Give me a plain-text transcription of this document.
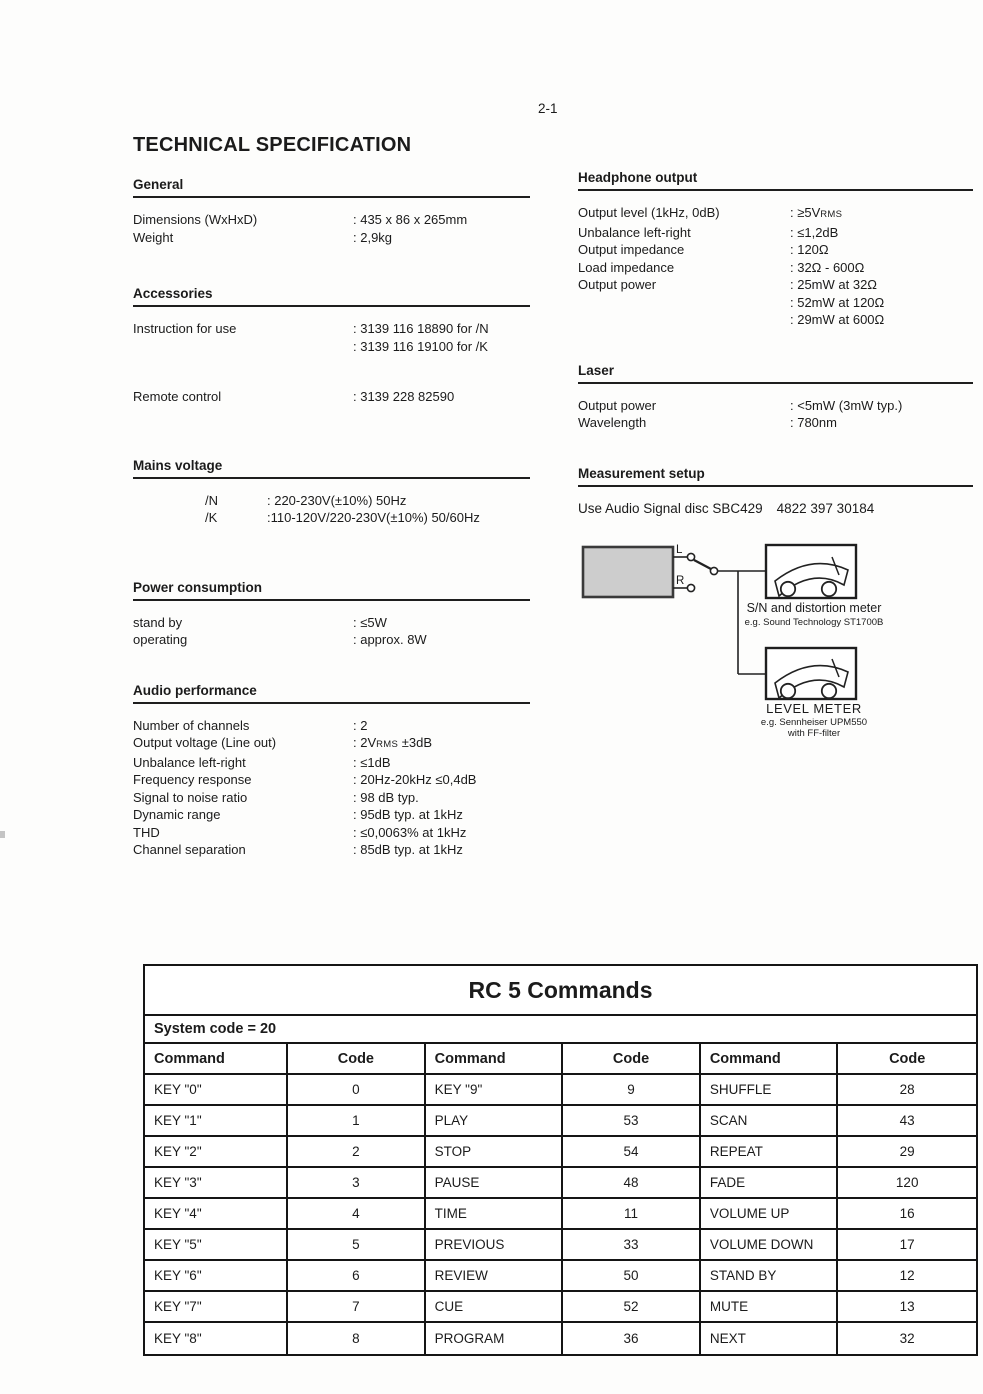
2-1
TECHNICAL SPECIFICATION
General
Dimensions (WxHxD)	: 435 x 86 x 265mm
Weight	: 2,9kg
Accessories
Instruction for use	: 3139 116 18890 for /N
: 3139 116 19100 for /K
Remote control	: 3139 228 82590
Mains voltage
/N	: 220-230V(±10%) 50Hz
/K	:110-120V/220-230V(±10%) 50/60Hz
Power consumption
stand by	: ≤5W
operating	: approx. 8W
Audio performance
Number of channels	: 2
Output voltage (Line out)	: 2VRMS ±3dB
Unbalance left-right	: ≤1dB
Frequency response	: 20Hz-20kHz ≤0,4dB
Signal to noise ratio	: 98 dB typ.
Dynamic range	: 95dB typ. at 1kHz
THD	: ≤0,0063% at 1kHz
Channel separation	: 85dB typ. at 1kHz
Headphone output
Output level (1kHz, 0dB)	: ≥5VRMS
Unbalance left-right	: ≤1,2dB
Output impedance	: 120Ω
Load impedance	: 32Ω - 600Ω
Output power	: 25mW at 32Ω
: 52mW at 120Ω
: 29mW at 600Ω
Laser
Output power	: <5mW (3mW typ.)
Wavelength	: 780nm
Measurement setup
Use Audio Signal disc SBC429 4822 397 30184
L
R
S/N and distortion meter
e.g. Sound Technology ST1700B
LEVEL METER
e.g. Sennheiser UPM550
with FF-filter
RC 5 Commands
System code = 20
Command	Code	Command	Code	Command	Code
KEY "0"	0	KEY "9"	9	SHUFFLE	28
KEY "1"	1	PLAY	53	SCAN	43
KEY "2"	2	STOP	54	REPEAT	29
KEY "3"	3	PAUSE	48	FADE	120
KEY "4"	4	TIME	11	VOLUME UP	16
KEY "5"	5	PREVIOUS	33	VOLUME DOWN	17
KEY "6"	6	REVIEW	50	STAND BY	12
KEY "7"	7	CUE	52	MUTE	13
KEY "8"	8	PROGRAM	36	NEXT	32
